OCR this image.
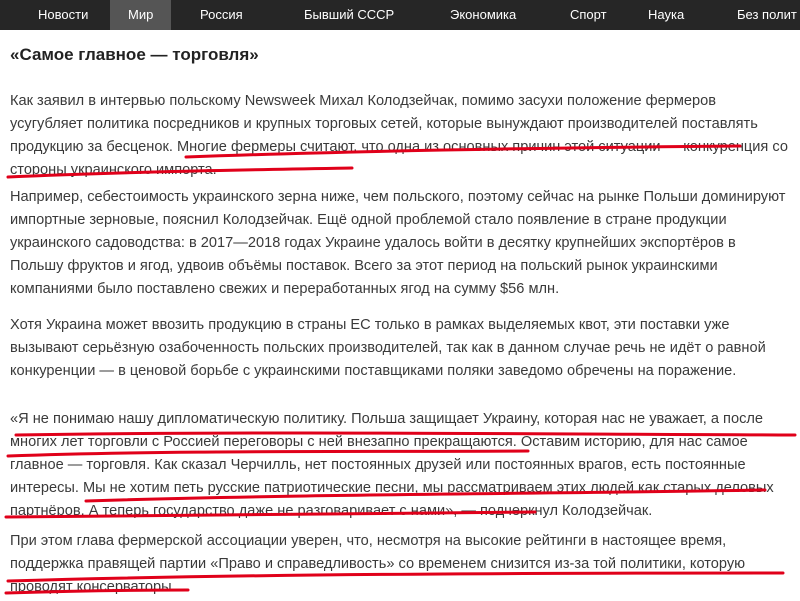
Новости	Мир	Россия	Бывший СССР	Экономика	Спорт	Наука	Без полит
«Самое главное — торговля»

Как заявил в интервью польскому Newsweek Михал Колодзейчак, помимо засухи положение фермеров усугубляет политика посредников и крупных торговых сетей, которые вынуждают производителей поставлять продукцию за бесценок. Многие фермеры считают, что одна из основных причин этой ситуации — конкуренция со стороны украинского импорта.

Например, себестоимость украинского зерна ниже, чем польского, поэтому сейчас на рынке Польши доминируют импортные зерновые, пояснил Колодзейчак. Ещё одной проблемой стало появление в стране продукции украинского садоводства: в 2017—2018 годах Украине удалось войти в десятку крупнейших экспортёров в Польшу фруктов и ягод, удвоив объёмы поставок. Всего за этот период на польский рынок украинскими компаниями было поставлено свежих и переработанных ягод на сумму $56 млн.

Хотя Украина может ввозить продукцию в страны ЕС только в рамках выделяемых квот, эти поставки уже вызывают серьёзную озабоченность польских производителей, так как в данном случае речь не идёт о равной конкуренции — в ценовой борьбе с украинскими поставщиками поляки заведомо обречены на поражение.

«Я не понимаю нашу дипломатическую политику. Польша защищает Украину, которая нас не уважает, а после многих лет торговли с Россией переговоры с ней внезапно прекращаются. Оставим историю, для нас самое главное — торговля. Как сказал Черчилль, нет постоянных друзей или постоянных врагов, есть постоянные интересы. Мы не хотим петь русские патриотические песни, мы рассматриваем этих людей как старых деловых партнёров. А теперь государство даже не разговаривает с нами», — подчеркнул Колодзейчак.

При этом глава фермерской ассоциации уверен, что, несмотря на высокие рейтинги в настоящее время, поддержка правящей партии «Право и справедливость» со временем снизится из-за той политики, которую проводят консерваторы.
